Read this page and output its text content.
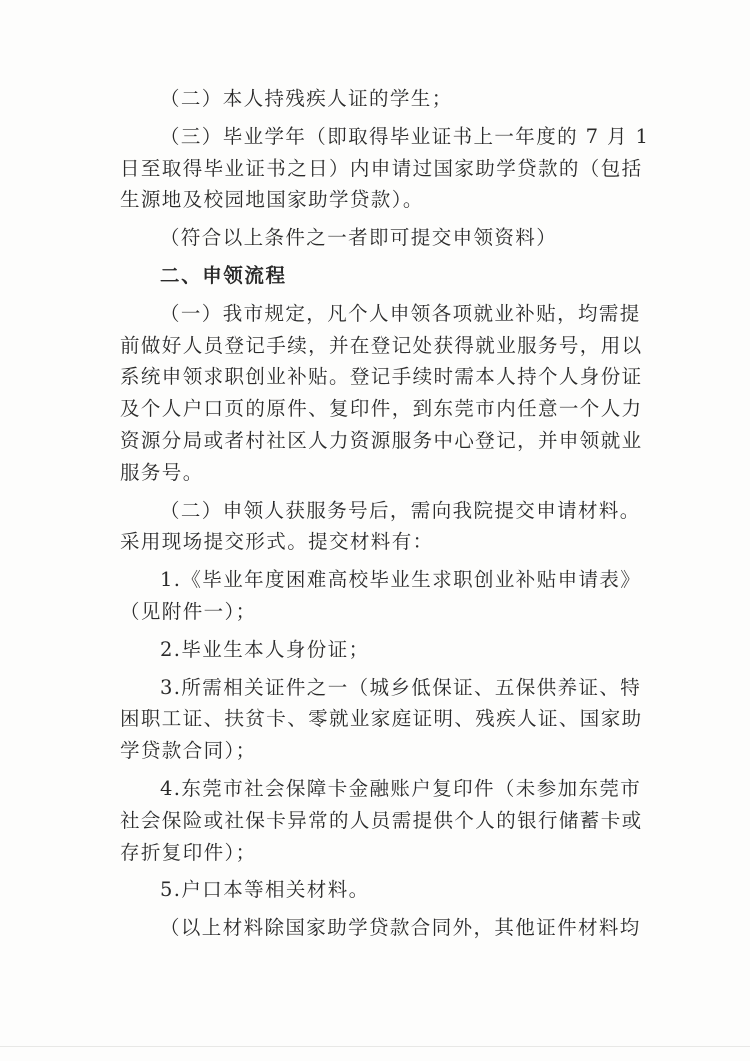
（二）本人持残疾人证的学生；
（三）毕业学年（即取得毕业证书上一年度的 7 月 1
日至取得毕业证书之日）内申请过国家助学贷款的（包括
生源地及校园地国家助学贷款）。
（符合以上条件之一者即可提交申领资料）
二、申领流程
（一）我市规定，凡个人申领各项就业补贴，均需提
前做好人员登记手续，并在登记处获得就业服务号，用以
系统申领求职创业补贴。登记手续时需本人持个人身份证
及个人户口页的原件、复印件，到东莞市内任意一个人力
资源分局或者村社区人力资源服务中心登记，并申领就业
服务号。
（二）申领人获服务号后，需向我院提交申请材料。
采用现场提交形式。提交材料有：
1.《毕业年度困难高校毕业生求职创业补贴申请表》
（见附件一）；
2.毕业生本人身份证；
3.所需相关证件之一（城乡低保证、五保供养证、特
困职工证、扶贫卡、零就业家庭证明、残疾人证、国家助
学贷款合同）；
4.东莞市社会保障卡金融账户复印件（未参加东莞市
社会保险或社保卡异常的人员需提供个人的银行储蓄卡或
存折复印件）；
5.户口本等相关材料。
（以上材料除国家助学贷款合同外，其他证件材料均
